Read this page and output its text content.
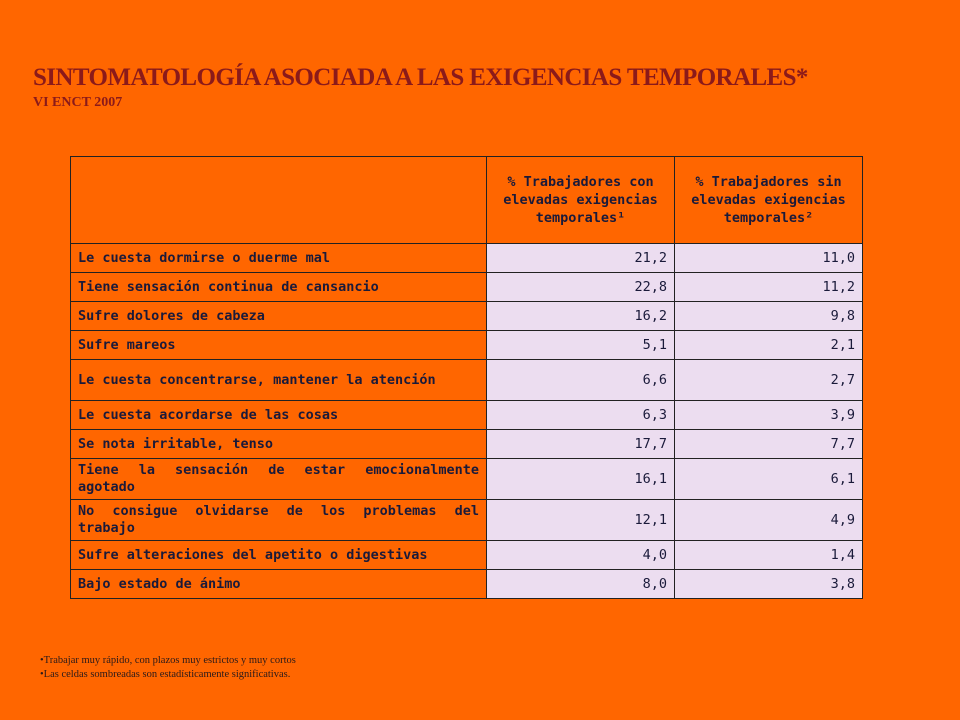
SINTOMATOLOGÍA ASOCIADA A LAS EXIGENCIAS TEMPORALES*
VI ENCT 2007
	% Trabajadores con elevadas exigencias temporales¹	% Trabajadores sin elevadas exigencias temporales²
Le cuesta dormirse o duerme mal	21,2	11,0
Tiene sensación continua de cansancio	22,8	11,2
Sufre dolores de cabeza	16,2	9,8
Sufre mareos	5,1	2,1
Le cuesta concentrarse, mantener la atención	6,6	2,7
Le cuesta acordarse de las cosas	6,3	3,9
Se nota irritable, tenso	17,7	7,7
Tiene la sensación de estar emocionalmente agotado	16,1	6,1
No consigue olvidarse de los problemas del trabajo	12,1	4,9
Sufre alteraciones del apetito o digestivas	4,0	1,4
Bajo estado de ánimo	8,0	3,8
•Trabajar muy rápido, con plazos muy estrictos y muy cortos
•Las celdas sombreadas son estadísticamente significativas.
